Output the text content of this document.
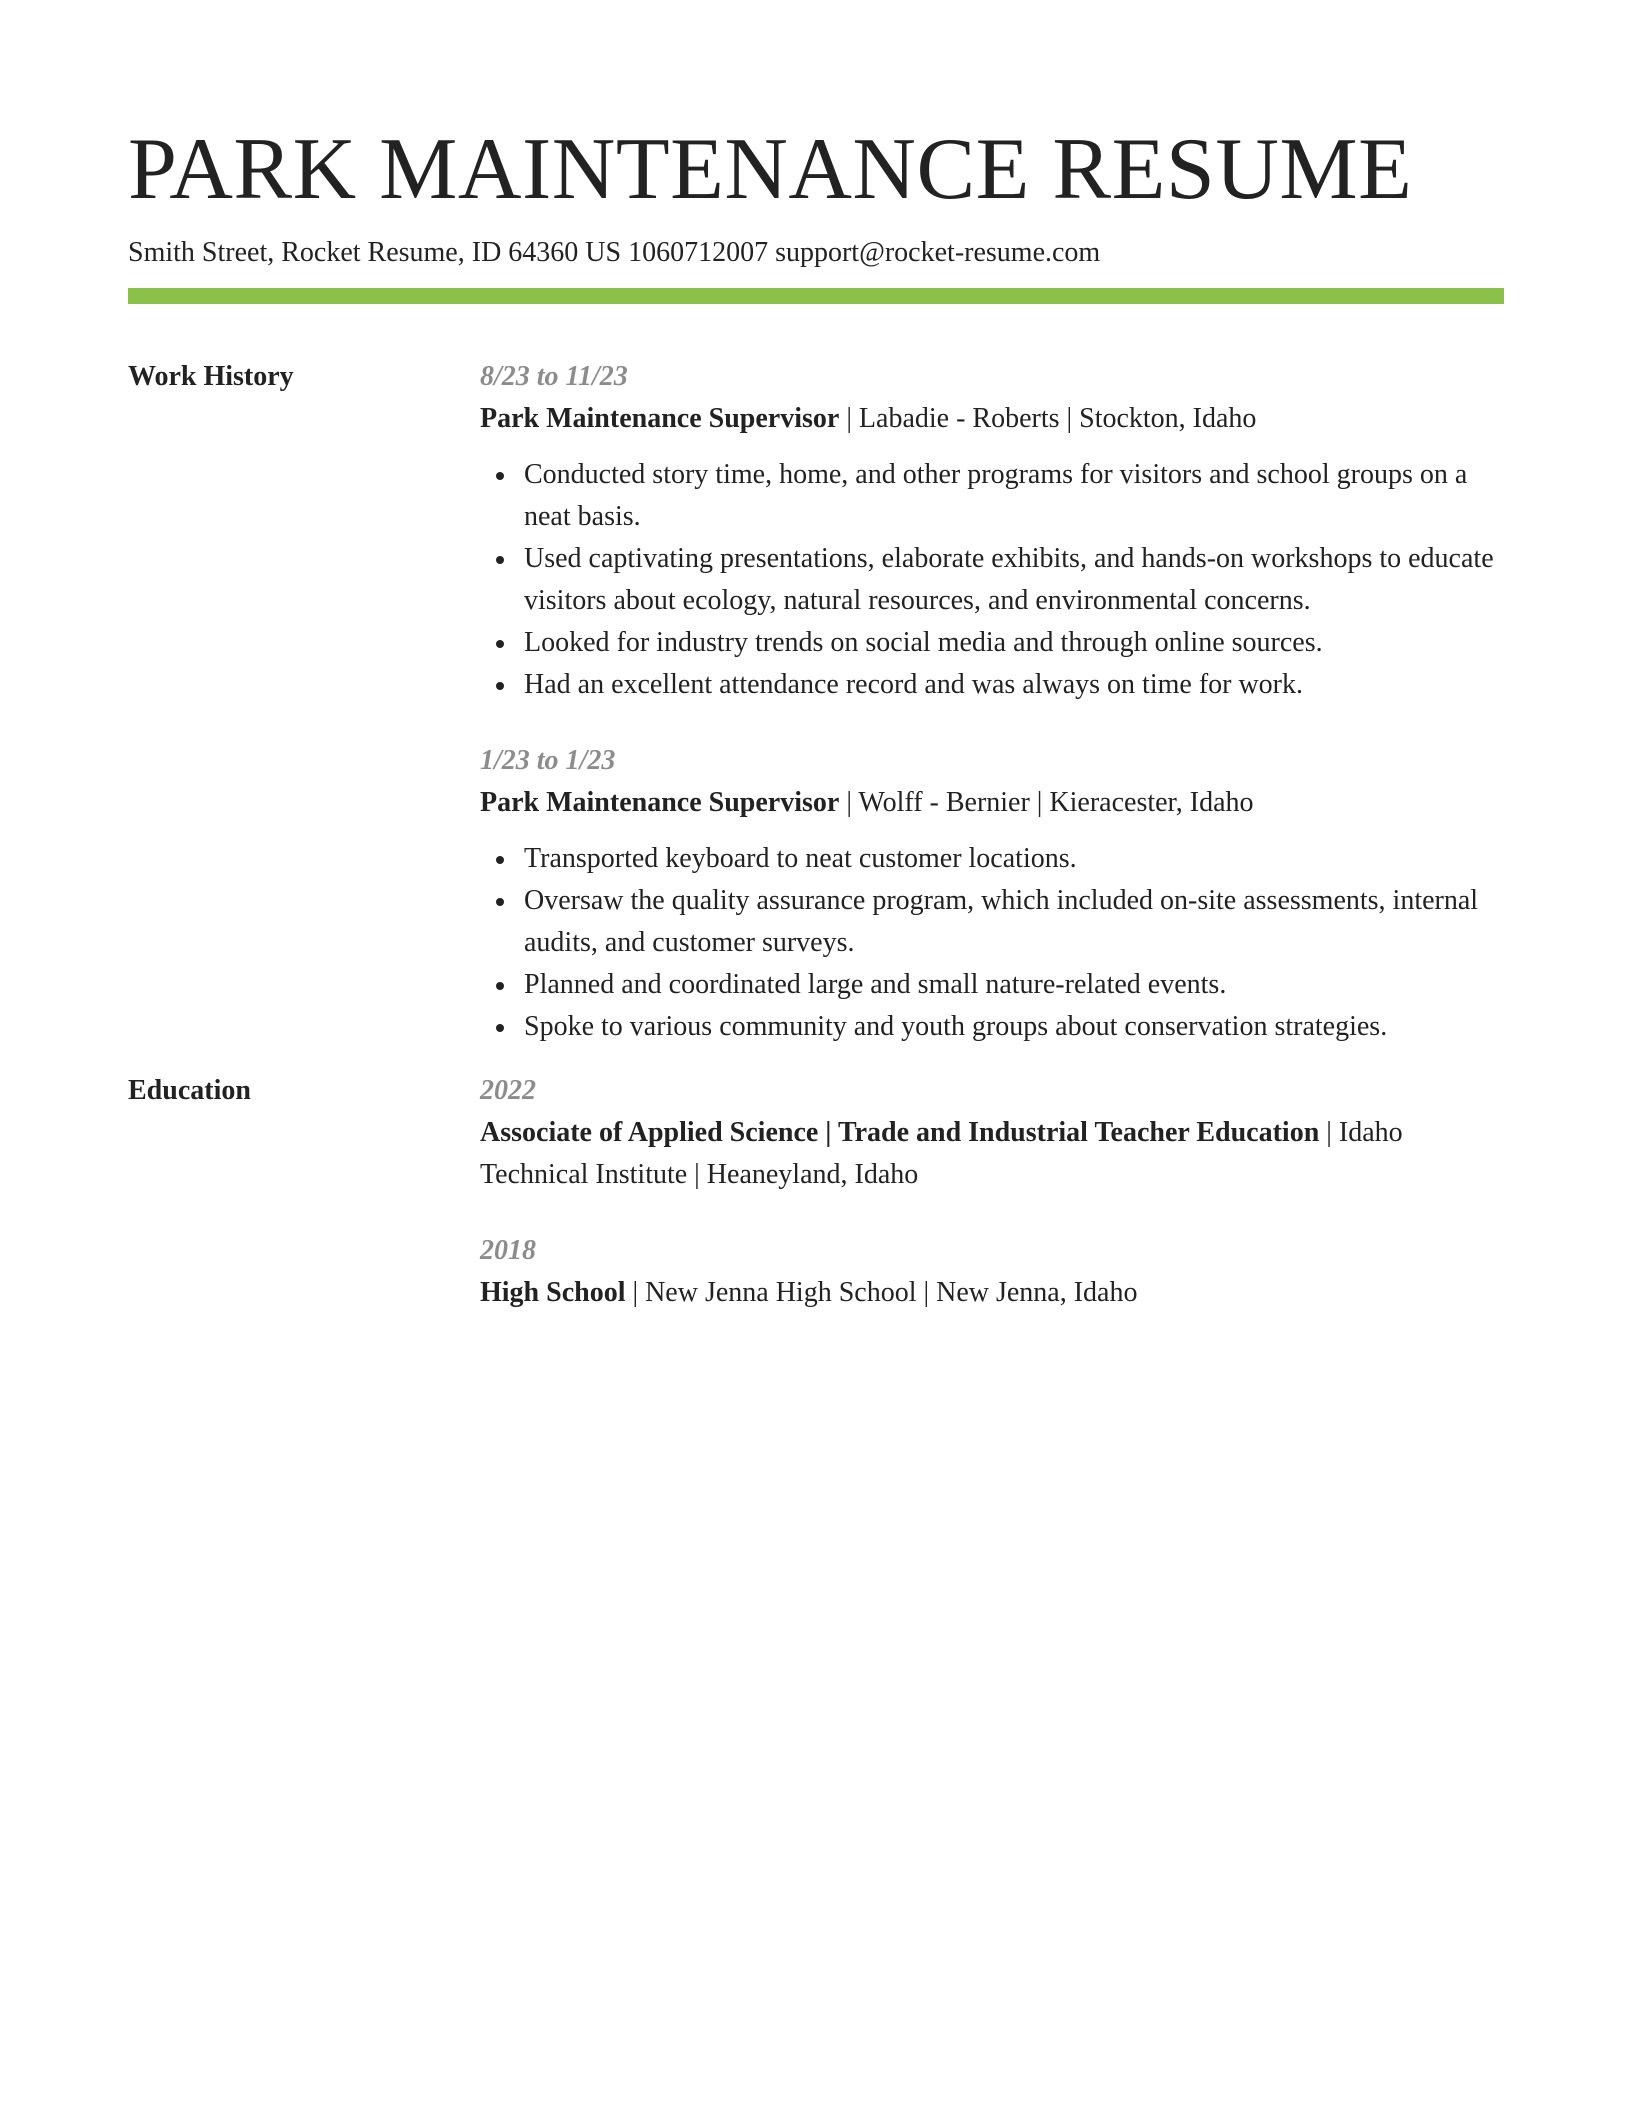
PARK MAINTENANCE RESUME
Smith Street, Rocket Resume, ID 64360 US 1060712007 support@rocket-resume.com
Work History	8/23 to 11/23
Park Maintenance Supervisor | Labadie - Roberts | Stockton, Idaho
Conducted story time, home, and other programs for visitors and school groups on a neat basis.
Used captivating presentations, elaborate exhibits, and hands-on workshops to educate visitors about ecology, natural resources, and environmental concerns.
Looked for industry trends on social media and through online sources.
Had an excellent attendance record and was always on time for work.
1/23 to 1/23
Park Maintenance Supervisor | Wolff - Bernier | Kieracester, Idaho
Transported keyboard to neat customer locations.
Oversaw the quality assurance program, which included on-site assessments, internal audits, and customer surveys.
Planned and coordinated large and small nature-related events.
Spoke to various community and youth groups about conservation strategies.
Education	2022
Associate of Applied Science | Trade and Industrial Teacher Education | Idaho Technical Institute | Heaneyland, Idaho
2018
High School | New Jenna High School | New Jenna, Idaho
